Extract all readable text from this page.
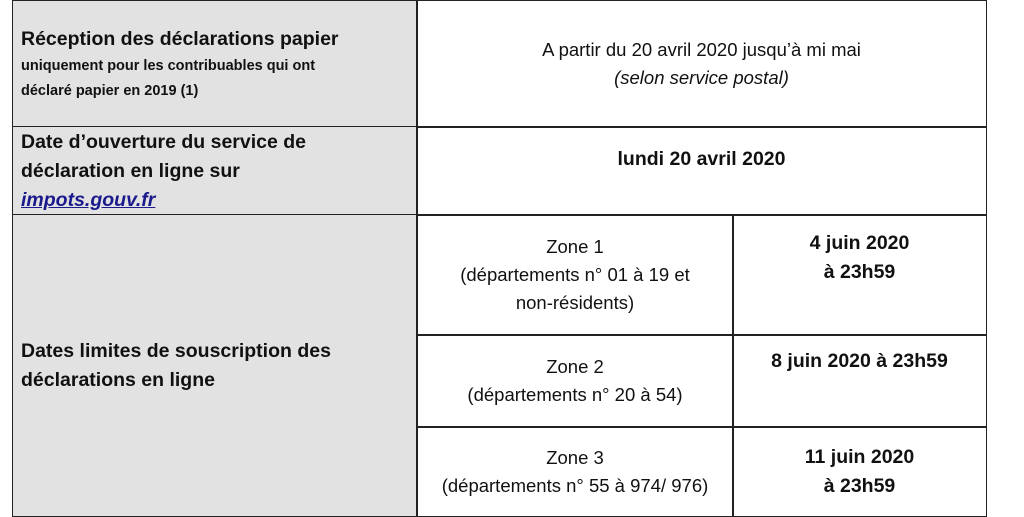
Réception des déclarations papier
uniquement pour les contribuables qui ont
déclaré papier en 2019 (1)
A partir du 20 avril 2020 jusqu’à mi mai
(selon service postal)
Date d’ouverture du service de
déclaration en ligne sur
impots.gouv.fr
lundi 20 avril 2020
Dates limites de souscription des
déclarations en ligne
Zone 1
(départements n° 01 à 19 et
non-résidents)
4 juin 2020
à 23h59
Zone 2
(départements n° 20 à 54)
8 juin 2020 à 23h59
Zone 3
(départements n° 55 à 974/ 976)
11 juin 2020
à 23h59
